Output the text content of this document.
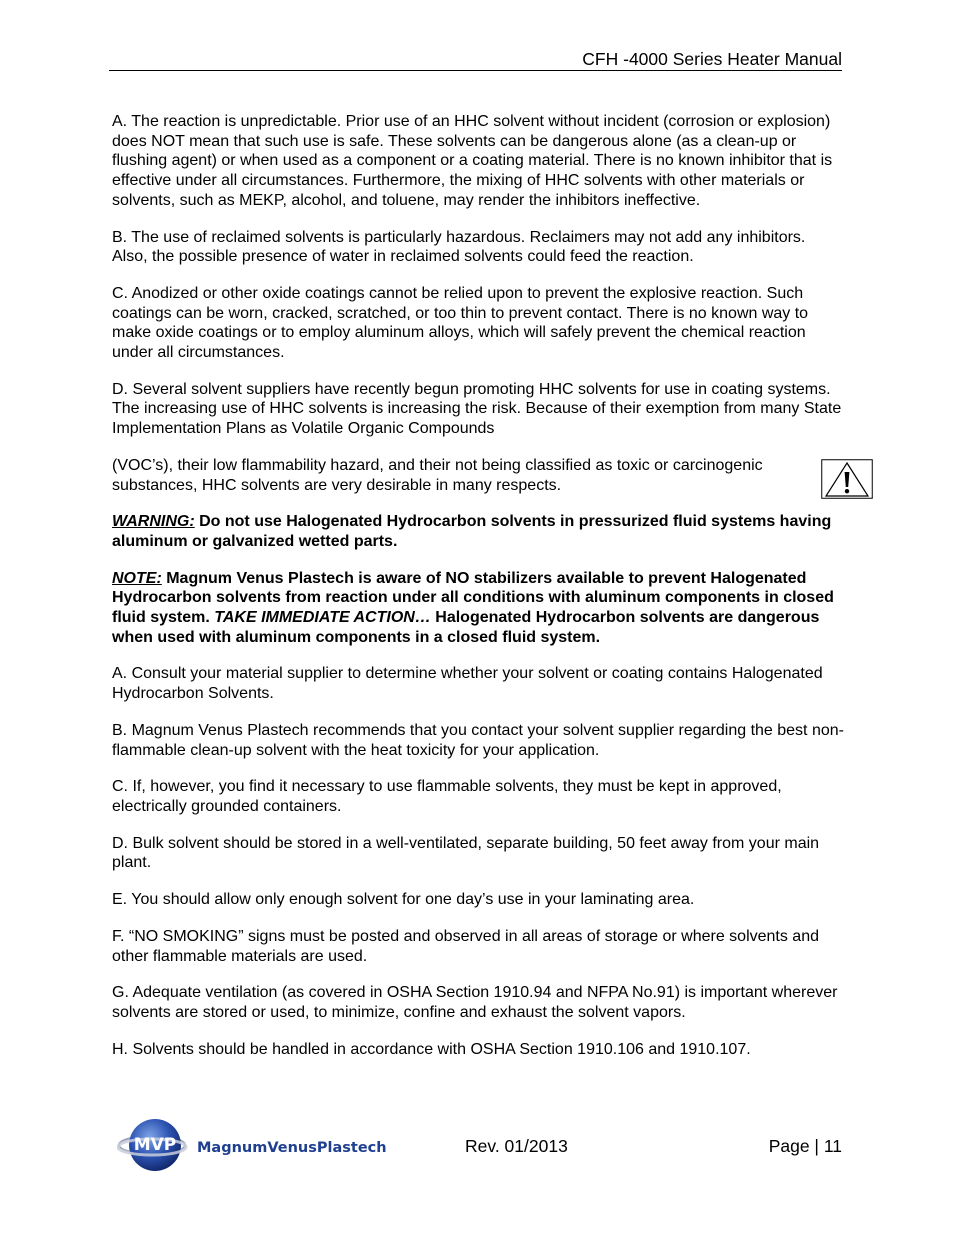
CFH -4000 Series Heater Manual

A. The reaction is unpredictable. Prior use of an HHC solvent without incident (corrosion or explosion) does NOT mean that such use is safe. These solvents can be dangerous alone (as a clean-up or flushing agent) or when used as a component or a coating material. There is no known inhibitor that is effective under all circumstances. Furthermore, the mixing of HHC solvents with other materials or solvents, such as MEKP, alcohol, and toluene, may render the inhibitors ineffective.

B. The use of reclaimed solvents is particularly hazardous. Reclaimers may not add any inhibitors. Also, the possible presence of water in reclaimed solvents could feed the reaction.

C. Anodized or other oxide coatings cannot be relied upon to prevent the explosive reaction. Such coatings can be worn, cracked, scratched, or too thin to prevent contact. There is no known way to make oxide coatings or to employ aluminum alloys, which will safely prevent the chemical reaction under all circumstances.

D. Several solvent suppliers have recently begun promoting HHC solvents for use in coating systems. The increasing use of HHC solvents is increasing the risk. Because of their exemption from many State Implementation Plans as Volatile Organic Compounds

(VOC’s), their low flammability hazard, and their not being classified as toxic or carcinogenic substances, HHC solvents are very desirable in many respects.

WARNING: Do not use Halogenated Hydrocarbon solvents in pressurized fluid systems having aluminum or galvanized wetted parts.

NOTE: Magnum Venus Plastech is aware of NO stabilizers available to prevent Halogenated Hydrocarbon solvents from reaction under all conditions with aluminum components in closed fluid system. TAKE IMMEDIATE ACTION… Halogenated Hydrocarbon solvents are dangerous when used with aluminum components in a closed fluid system.

A. Consult your material supplier to determine whether your solvent or coating contains Halogenated Hydrocarbon Solvents.

B. Magnum Venus Plastech recommends that you contact your solvent supplier regarding the best non-flammable clean-up solvent with the heat toxicity for your application.

C. If, however, you find it necessary to use flammable solvents, they must be kept in approved, electrically grounded containers.

D. Bulk solvent should be stored in a well-ventilated, separate building, 50 feet away from your main plant.

E. You should allow only enough solvent for one day’s use in your laminating area.

F. “NO SMOKING” signs must be posted and observed in all areas of storage or where solvents and other flammable materials are used.

G. Adequate ventilation (as covered in OSHA Section 1910.94 and NFPA No.91) is important wherever solvents are stored or used, to minimize, confine and exhaust the solvent vapors.

H. Solvents should be handled in accordance with OSHA Section 1910.106 and 1910.107.

MVP MagnumVenusPlastech	Rev. 01/2013	Page | 11
